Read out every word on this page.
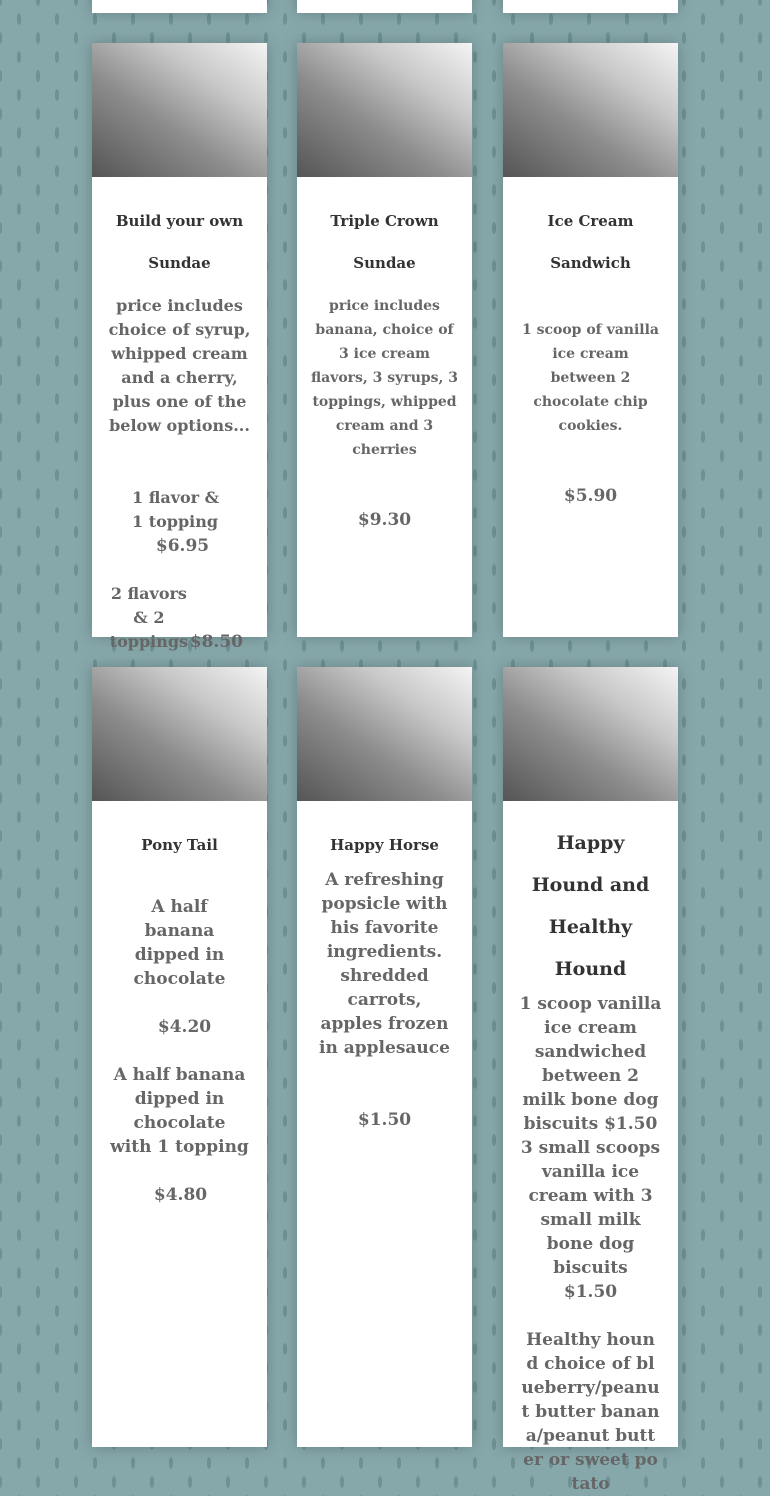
Build your own Sundae
price includes choice of syrup, whipped cream and a cherry, plus one of the below options...
1 flavor & 1 topping
$6.95
2 flavors & 2 toppings $8.50
Triple Crown Sundae
price includes banana, choice of 3 ice cream flavors, 3 syrups, 3 toppings, whipped cream and 3 cherries
$9.30
Ice Cream Sandwich
1 scoop of vanilla ice cream between 2 chocolate chip cookies.
$5.90
Pony Tail
A half banana dipped in chocolate
$4.20
A half banana dipped in chocolate with 1 topping
$4.80
Happy Horse
A refreshing popsicle with his favorite ingredients. shredded carrots, apples frozen in applesauce
$1.50
Happy Hound and Healthy Hound
1 scoop vanilla ice cream sandwiched between 2 milk bone dog biscuits $1.50
3 small scoops vanilla ice cream with 3 small milk bone dog biscuits
$1.50
Healthy hound choice of blueberry/peanut butter banana/peanut butter or sweet potato
